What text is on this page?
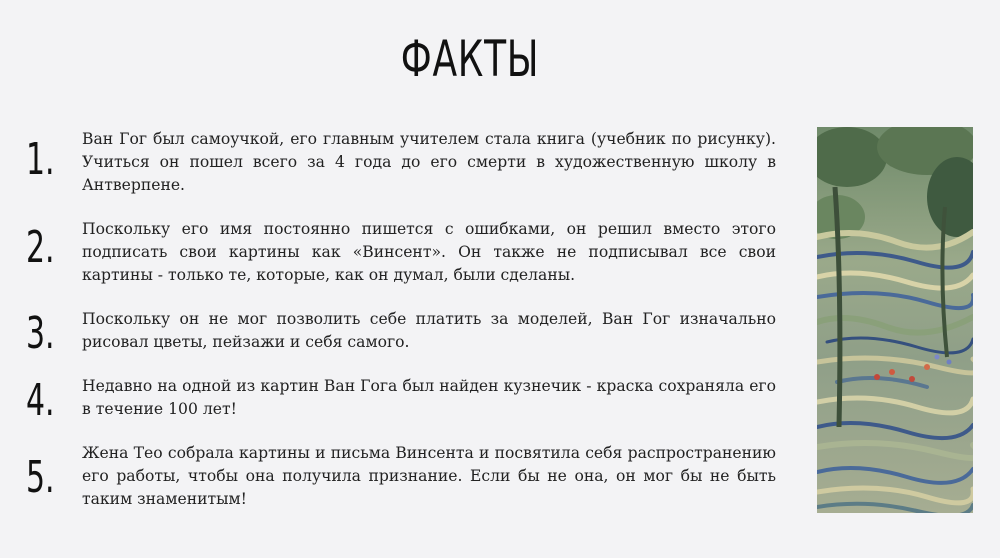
ФАКТЫ
1. Ван Гог был самоучкой, его главным учителем стала книга (учебник по рисунку). Учиться он пошел всего за 4 года до его смерти в художественную школу в Антверпене.
2. Поскольку его имя постоянно пишется с ошибками, он решил вместо этого подписать свои картины как «Винсент». Он также не подписывал все свои картины - только те, которые, как он думал, были сделаны.
3. Поскольку он не мог позволить себе платить за моделей, Ван Гог изначально рисовал цветы, пейзажи и себя самого.
4. Недавно на одной из картин Ван Гога был найден кузнечик - краска сохраняла его в течение 100 лет!
5. Жена Тео собрала картины и письма Винсента и посвятила себя распространению его работы, чтобы она получила признание. Если бы не она, он мог бы не быть таким знаменитым!
